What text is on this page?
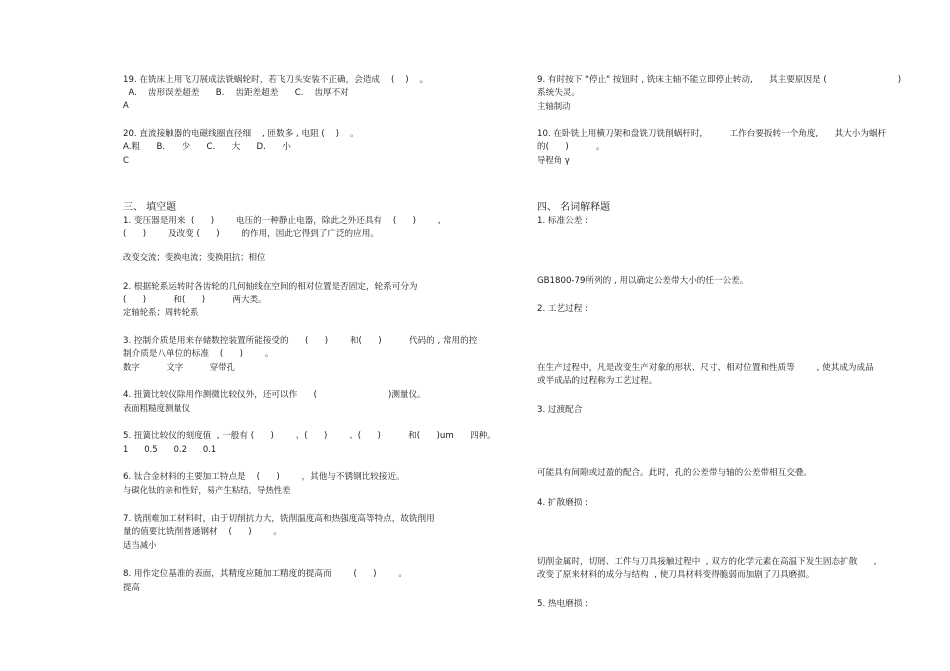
19. 在铣床上用飞刀展成法铣蜗轮时，若飞刀头安装不正确，会造成    (    )    。
A.    齿形误差超差      B.    齿距差超差      C.    齿厚不对
A
20. 直流接触器的电磁线圈直径细    , 匝数多 , 电阻 (    )    。
A.粗      B.      少      C.      大      D.      小
C
三、 填空题
1. 变压器是用来  (      )        电压的一种静止电器，除此之外还具有    (      )        ,
(      )        及改变 (      )        的作用，因此它得到了广泛的应用。
改变交流；变换电流；变换阻抗；相位
2. 根据轮系运转时各齿轮的几何轴线在空间的相对位置是否固定，轮系可分为
(      )          和(      )          两大类。
定轴轮系；周转轮系
3. 控制介质是用来存储数控装置所能接受的      (      )        和(      )          代码的 , 常用的控
制介质是八单位的标准    (      )        。
数字          文字          穿带孔
4. 扭簧比较仪除用作测微比较仪外，还可以作      (                          )测量仪。
表面粗糙度测量仪
5. 扭簧比较仪的刻度值  , 一般有 (      )        、(      )        、(      )          和(      )um      四种。
1      0.5      0.2      0.1
6. 钛合金材料的主要加工特点是    (      )        ，其他与不锈钢比较接近。
与碳化钛的亲和性好，易产生粘结，导热性差
7. 铣削难加工材料时，由于切削抗力大，铣削温度高和热强度高等特点，故铣削用
量的值要比铣削普通钢材    (      )        。
适当减小
8. 用作定位基准的表面，其精度应随加工精度的提高而        (      )        。
提高
9. 有时按下 "停止" 按钮时 , 铣床主轴不能立即停止转动,      其主要原因是 (                          )
系统失灵。
主轴制动
10. 在卧铣上用横刀架和盘铣刀铣削蜗杆时,          工作台要扳转一个角度,      其大小为蜗杆
的(      )          。
导程角 γ
四、 名词解释题
1. 标准公差 :
GB1800-79所列的 , 用以确定公差带大小的任一公差。
2. 工艺过程 :
在生产过程中，凡是改变生产对象的形状、尺寸、相对位置和性质等        , 使其成为成品
或半成品的过程称为工艺过程。
3. 过渡配合
可能具有间隙或过盈的配合。此时，孔的公差带与轴的公差带相互交叠。
4. 扩散磨损 :
切削金属时，切屑、工件与刀具接触过程中  , 双方的化学元素在高温下发生固态扩散      ,
改变了原来材料的成分与结构  , 使刀具材料变得脆弱而加剧了刀具磨损。
5. 热电磨损 :
